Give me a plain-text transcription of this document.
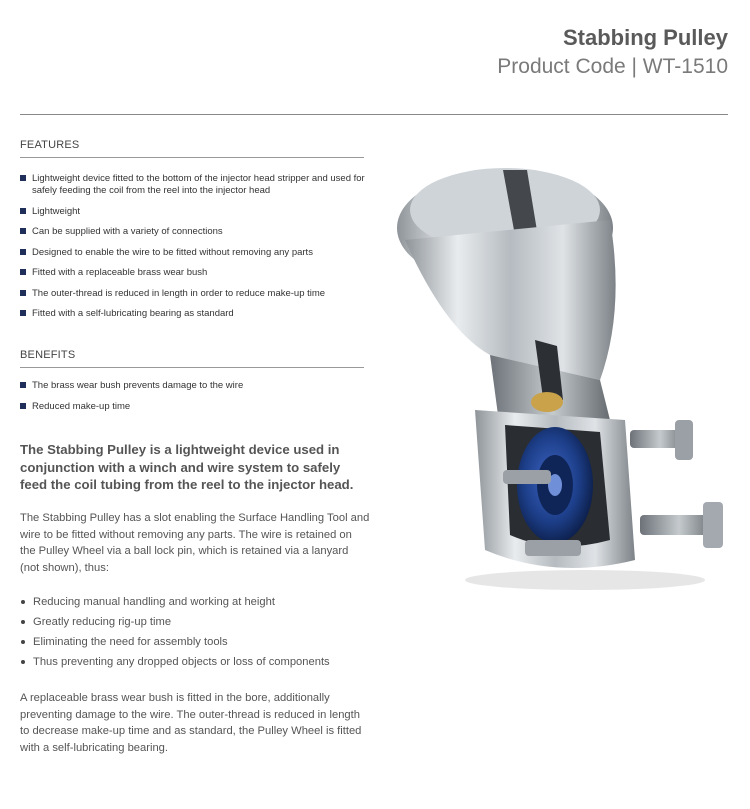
Stabbing Pulley
Product Code | WT-1510
FEATURES
Lightweight device fitted to the bottom of the injector head stripper and used for safely feeding the coil from the reel into the injector head
Lightweight
Can be supplied with a variety of connections
Designed to enable the wire to be fitted without removing any parts
Fitted with a replaceable brass wear bush
The outer-thread is reduced in length in order to reduce make-up time
Fitted with a self-lubricating bearing as standard
BENEFITS
The brass wear bush prevents damage to the wire
Reduced make-up time
The Stabbing Pulley is a lightweight device used in conjunction with a winch and wire system to safely feed the coil tubing from the reel to the injector head.
The Stabbing Pulley has a slot enabling the Surface Handling Tool and wire to be fitted without removing any parts. The wire is retained on the Pulley Wheel via a ball lock pin, which is retained via a lanyard (not shown), thus:
Reducing manual handling and working at height
Greatly reducing rig-up time
Eliminating the need for assembly tools
Thus preventing any dropped objects or loss of components
A replaceable brass wear bush is fitted in the bore, additionally preventing damage to the wire. The outer-thread is reduced in length to decrease make-up time and as standard, the Pulley Wheel is fitted with a self-lubricating bearing.
